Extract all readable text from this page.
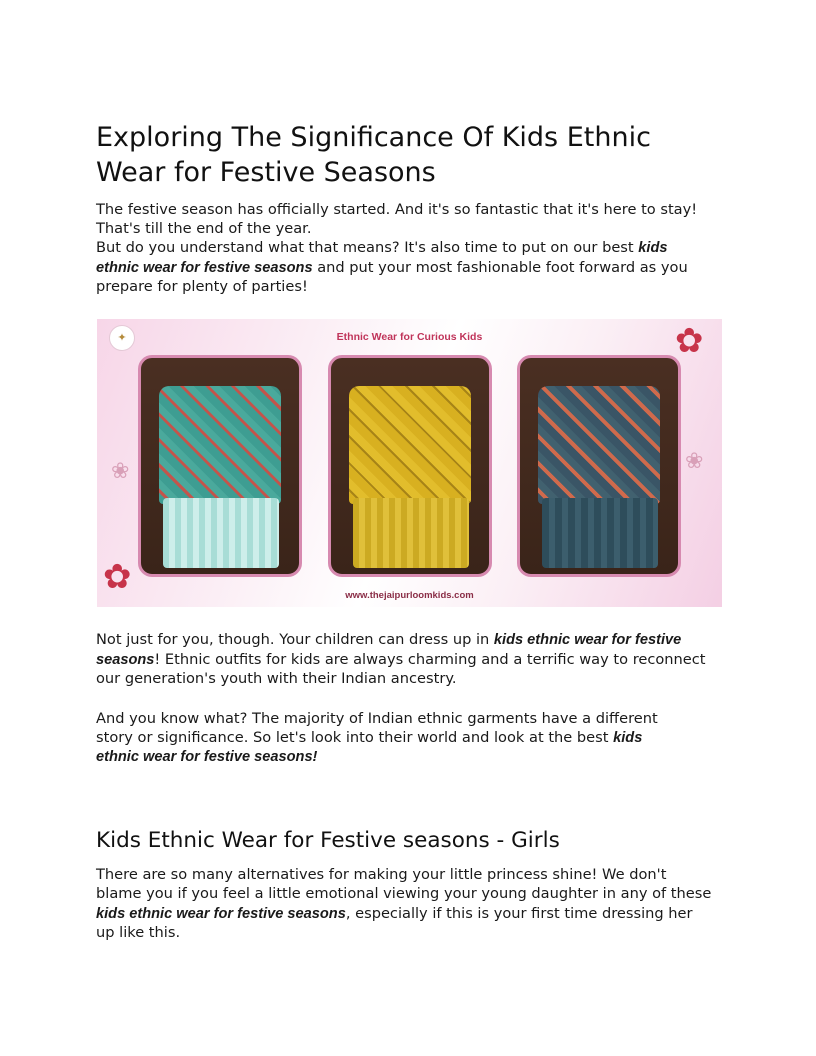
Exploring The Significance Of Kids Ethnic Wear for Festive Seasons

The festive season has officially started. And it's so fantastic that it's here to stay!

That's till the end of the year.

But do you understand what that means? It's also time to put on our best kids

ethnic wear for festive seasons and put your most fashionable foot forward as you

prepare for plenty of parties!

✦	Ethnic Wear for Curious Kids	✿
✿
❀
❀
www.thejaipurloomkids.com

Not just for you, though. Your children can dress up in kids ethnic wear for festive

seasons! Ethnic outfits for kids are always charming and a terrific way to reconnect

our generation's youth with their Indian ancestry.

And you know what? The majority of Indian ethnic garments have a different

story or significance. So let's look into their world and look at the best kids

ethnic wear for festive seasons!

Kids Ethnic Wear for Festive seasons - Girls

There are so many alternatives for making your little princess shine! We don't

blame you if you feel a little emotional viewing your young daughter in any of these

kids ethnic wear for festive seasons, especially if this is your first time dressing her

up like this.
